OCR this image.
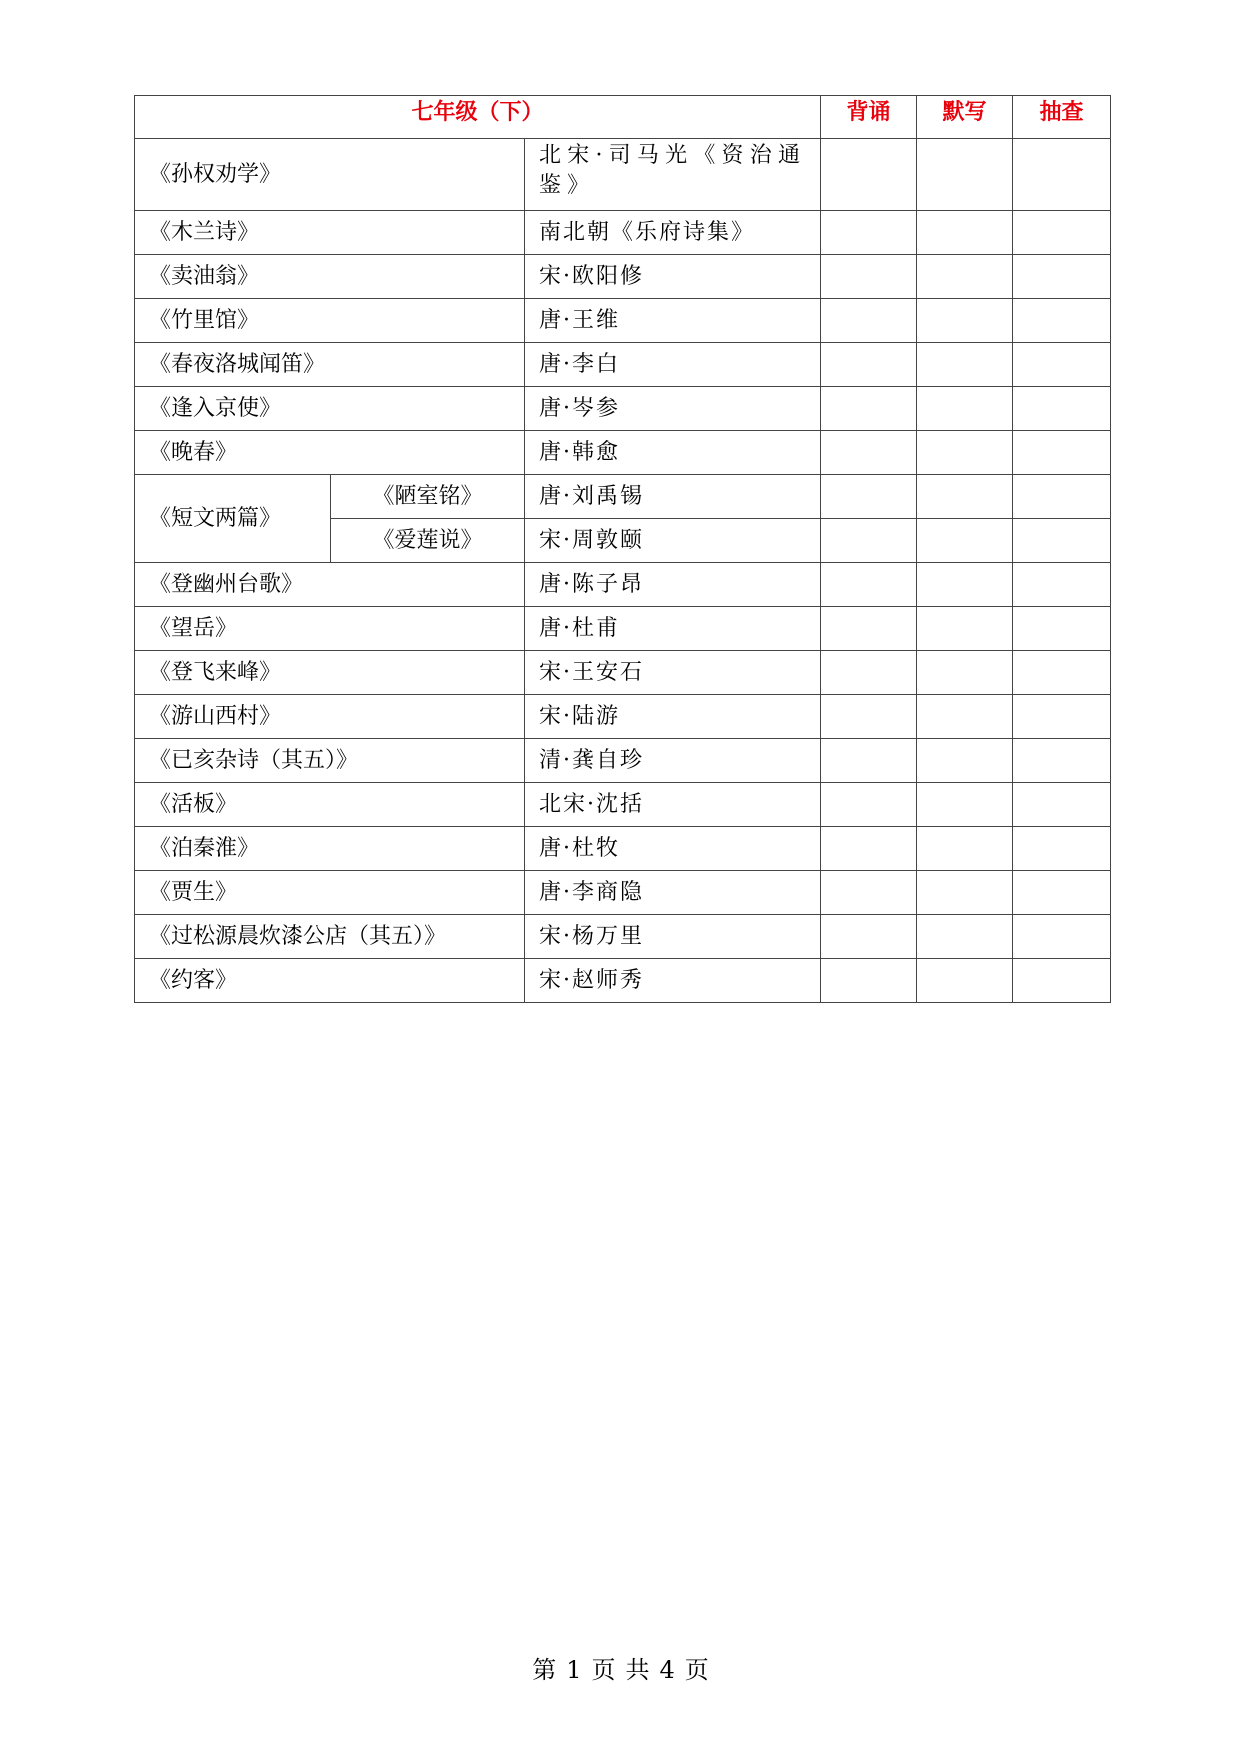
七年级（下）			背诵	默写	抽查
《孙权劝学》		北宋·司马光《资治通鉴》			
《木兰诗》		南北朝《乐府诗集》			
《卖油翁》		宋·欧阳修			
《竹里馆》		唐·王维			
《春夜洛城闻笛》		唐·李白			
《逢入京使》		唐·岑参			
《晚春》		唐·韩愈			
《短文两篇》	《陋室铭》	唐·刘禹锡			
	《爱莲说》	宋·周敦颐			
《登幽州台歌》		唐·陈子昂			
《望岳》		唐·杜甫			
《登飞来峰》		宋·王安石			
《游山西村》		宋·陆游			
《已亥杂诗（其五）》		清·龚自珍			
《活板》		北宋·沈括			
《泊秦淮》		唐·杜牧			
《贾生》		唐·李商隐			
《过松源晨炊漆公店（其五）》		宋·杨万里			
《约客》		宋·赵师秀			
第 1 页 共 4 页
